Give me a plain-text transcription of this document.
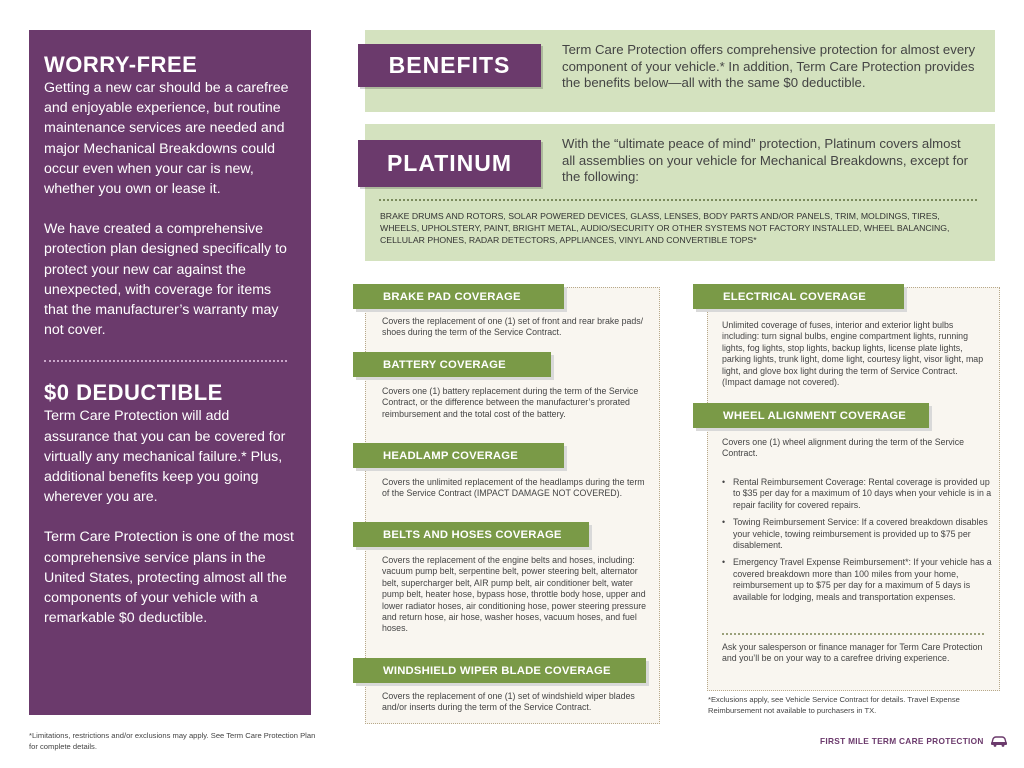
WORRY-FREE

Getting a new car should be a carefree and enjoyable experience, but routine maintenance services are needed and major Mechanical Breakdowns could occur even when your car is new, whether you own or lease it.

We have created a comprehensive protection plan designed specifically to protect your new car against the unexpected, with coverage for items that the manufacturer’s warranty may not cover.

$0 DEDUCTIBLE

Term Care Protection will add assurance that you can be covered for virtually any mechanical failure.* Plus, additional benefits keep you going wherever you are.

Term Care Protection is one of the most comprehensive service plans in the United States, protecting almost all the components of your vehicle with a remarkable $0 deductible.

*Limitations, restrictions and/or exclusions may apply. See Term Care Protection Plan for complete details.
BENEFITS
Term Care Protection offers comprehensive protection for almost every component of your vehicle.* In addition, Term Care Protection provides the benefits below—all with the same $0 deductible.
PLATINUM
With the “ultimate peace of mind” protection, Platinum covers almost all assemblies on your vehicle for Mechanical Breakdowns, except for the following:
BRAKE DRUMS AND ROTORS, SOLAR POWERED DEVICES, GLASS, LENSES, BODY PARTS AND/OR PANELS, TRIM, MOLDINGS, TIRES, WHEELS, UPHOLSTERY, PAINT, BRIGHT METAL, AUDIO/SECURITY OR OTHER SYSTEMS NOT FACTORY INSTALLED, WHEEL BALANCING, CELLULAR PHONES, RADAR DETECTORS, APPLIANCES, VINYL AND CONVERTIBLE TOPS*
BRAKE PAD COVERAGE
Covers the replacement of one (1) set of front and rear brake pads/ shoes during the term of the Service Contract.
BATTERY COVERAGE
Covers one (1) battery replacement during the term of the Service Contract, or the difference between the manufacturer’s prorated reimbursement and the total cost of the battery.
HEADLAMP COVERAGE
Covers the unlimited replacement of the headlamps during the term of the Service Contract (IMPACT DAMAGE NOT COVERED).
BELTS AND HOSES COVERAGE
Covers the replacement of the engine belts and hoses, including: vacuum pump belt, serpentine belt, power steering belt, alternator belt, supercharger belt, AIR pump belt, air conditioner belt, water pump belt, heater hose, bypass hose, throttle body hose, upper and lower radiator hoses, air conditioning hose, power steering pressure and return hose, air hose, washer hoses, vacuum hoses, and fuel hoses.
WINDSHIELD WIPER BLADE COVERAGE
Covers the replacement of one (1) set of windshield wiper blades and/or inserts during the term of the Service Contract.
ELECTRICAL COVERAGE
Unlimited coverage of fuses, interior and exterior light bulbs including: turn signal bulbs, engine compartment lights, running lights, fog lights, stop lights, backup lights, license plate lights, parking lights, trunk light, dome light, courtesy light, visor light, map light, and glove box light during the term of Service Contract. (Impact damage not covered).
WHEEL ALIGNMENT COVERAGE
Covers one (1) wheel alignment during the term of the Service Contract.
• Rental Reimbursement Coverage: Rental coverage is provided up to $35 per day for a maximum of 10 days when your vehicle is in a repair facility for covered repairs.
• Towing Reimbursement Service: If a covered breakdown disables your vehicle, towing reimbursement is provided up to $75 per disablement.
• Emergency Travel Expense Reimbursement*: If your vehicle has a covered breakdown more than 100 miles from your home, reimbursement up to $75 per day for a maximum of 5 days is available for lodging, meals and transportation expenses.
Ask your salesperson or finance manager for Term Care Protection and you’ll be on your way to a carefree driving experience.
*Exclusions apply, see Vehicle Service Contract for details. Travel Expense Reimbursement not available to purchasers in TX.
FIRST MILE TERM CARE PROTECTION
